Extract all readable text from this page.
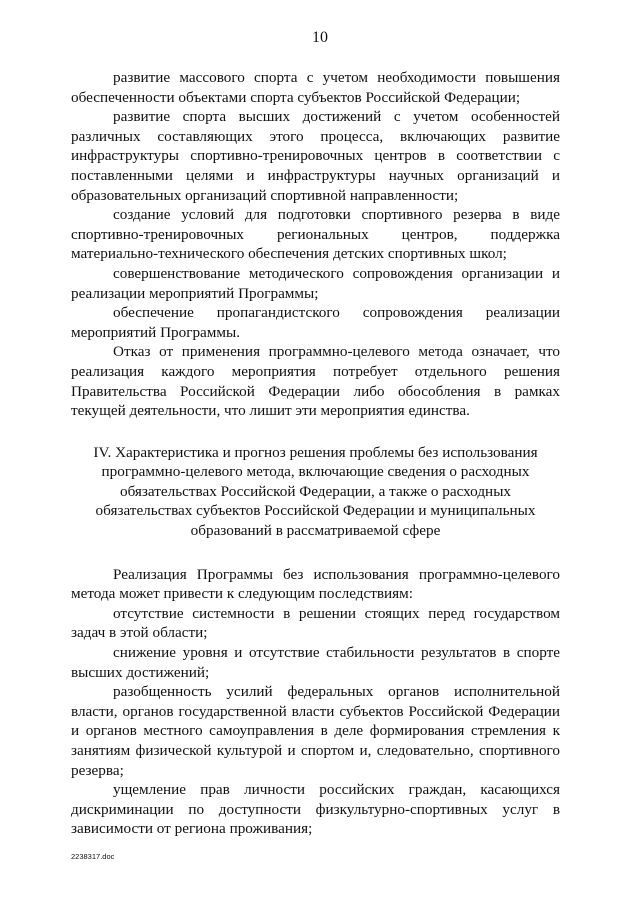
10

развитие массового спорта с учетом необходимости повышения обеспеченности объектами спорта субъектов Российской Федерации;

развитие спорта высших достижений с учетом особенностей различных составляющих этого процесса, включающих развитие инфраструктуры спортивно-тренировочных центров в соответствии с поставленными целями и инфраструктуры научных организаций и образовательных организаций спортивной направленности;

создание условий для подготовки спортивного резерва в виде спортивно-тренировочных региональных центров, поддержка материально-технического обеспечения детских спортивных школ;

совершенствование методического сопровождения организации и реализации мероприятий Программы;

обеспечение пропагандистского сопровождения реализации мероприятий Программы.

Отказ от применения программно-целевого метода означает, что реализация каждого мероприятия потребует отдельного решения Правительства Российской Федерации либо обособления в рамках текущей деятельности, что лишит эти мероприятия единства.

IV. Характеристика и прогноз решения проблемы без использования программно-целевого метода, включающие сведения о расходных обязательствах Российской Федерации, а также о расходных обязательствах субъектов Российской Федерации и муниципальных образований в рассматриваемой сфере

Реализация Программы без использования программно-целевого метода может привести к следующим последствиям:

отсутствие системности в решении стоящих перед государством задач в этой области;

снижение уровня и отсутствие стабильности результатов в спорте высших достижений;

разобщенность усилий федеральных органов исполнительной власти, органов государственной власти субъектов Российской Федерации и органов местного самоуправления в деле формирования стремления к занятиям физической культурой и спортом и, следовательно, спортивного резерва;

ущемление прав личности российских граждан, касающихся дискриминации по доступности физкультурно-спортивных услуг в зависимости от региона проживания;

2238317.doc
